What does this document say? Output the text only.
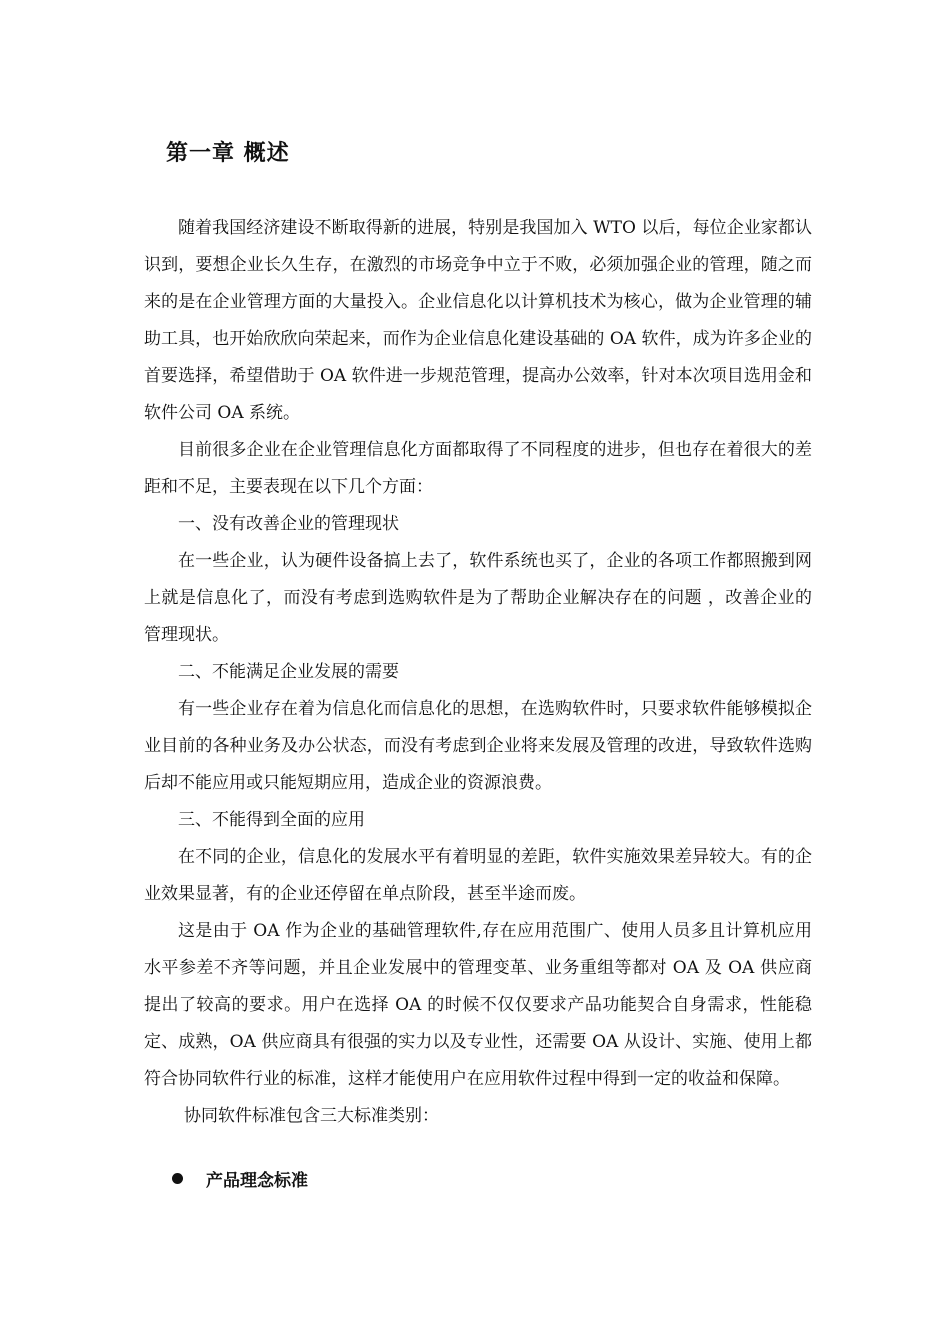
第一章 概述

随着我国经济建设不断取得新的进展，特别是我国加入 WTO 以后，每位企业家都认识到，要想企业长久生存，在激烈的市场竞争中立于不败，必须加强企业的管理，随之而来的是在企业管理方面的大量投入。企业信息化以计算机技术为核心，做为企业管理的辅助工具，也开始欣欣向荣起来，而作为企业信息化建设基础的 OA 软件，成为许多企业的首要选择，希望借助于 OA 软件进一步规范管理，提高办公效率，针对本次项目选用金和软件公司 OA 系统。

目前很多企业在企业管理信息化方面都取得了不同程度的进步，但也存在着很大的差距和不足，主要表现在以下几个方面：

一、没有改善企业的管理现状

在一些企业，认为硬件设备搞上去了，软件系统也买了，企业的各项工作都照搬到网上就是信息化了，而没有考虑到选购软件是为了帮助企业解决存在的问题 ，改善企业的管理现状。

二、不能满足企业发展的需要

有一些企业存在着为信息化而信息化的思想，在选购软件时，只要求软件能够模拟企业目前的各种业务及办公状态，而没有考虑到企业将来发展及管理的改进，导致软件选购后却不能应用或只能短期应用，造成企业的资源浪费。

三、不能得到全面的应用

在不同的企业，信息化的发展水平有着明显的差距，软件实施效果差异较大。有的企业效果显著，有的企业还停留在单点阶段，甚至半途而废。

这是由于 OA 作为企业的基础管理软件,存在应用范围广、使用人员多且计算机应用水平参差不齐等问题，并且企业发展中的管理变革、业务重组等都对 OA 及 OA 供应商提出了较高的要求。用户在选择 OA 的时候不仅仅要求产品功能契合自身需求，性能稳定、成熟，OA 供应商具有很强的实力以及专业性，还需要 OA 从设计、实施、使用上都符合协同软件行业的标准，这样才能使用户在应用软件过程中得到一定的收益和保障。

协同软件标准包含三大标准类别：

产品理念标准
